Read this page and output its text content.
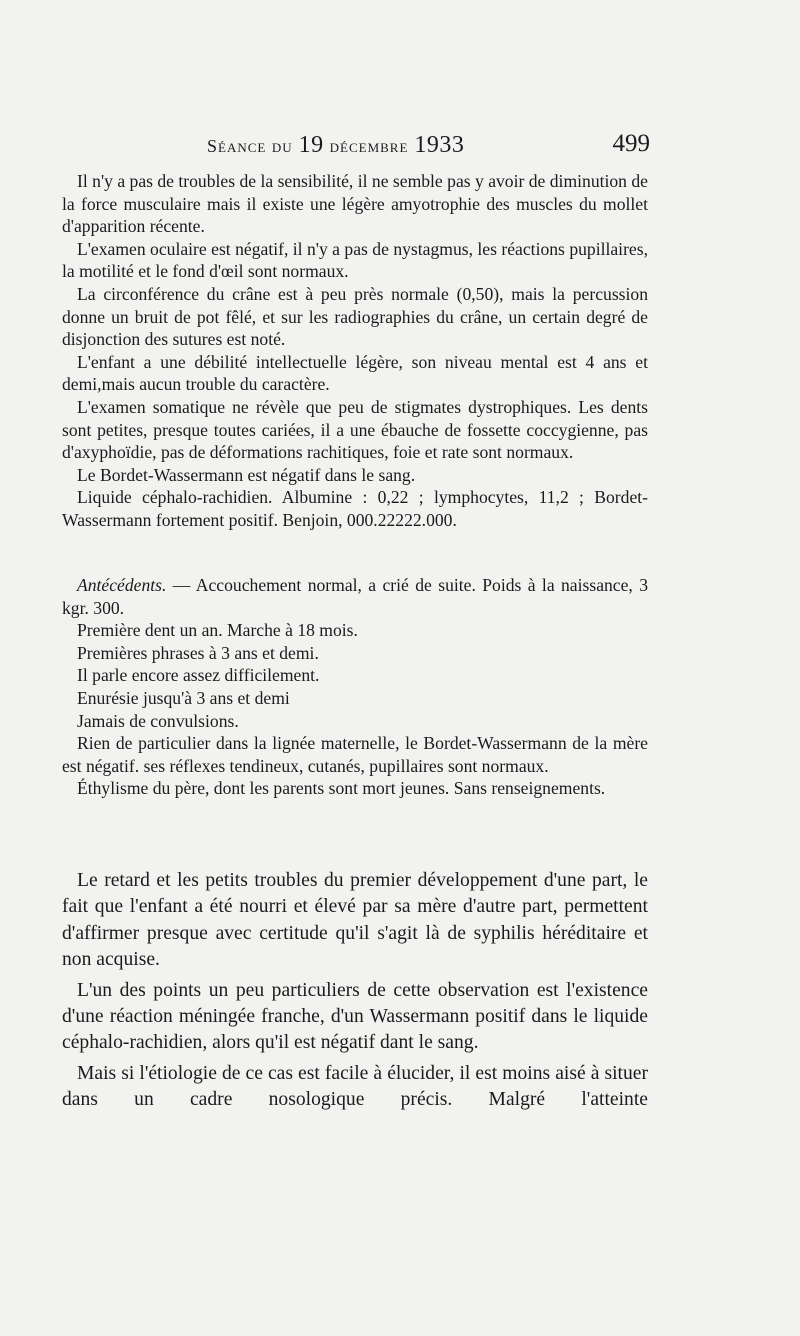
Séance du 19 décembre 1933	499

Il n'y a pas de troubles de la sensibilité, il ne semble pas y avoir de diminution de la force musculaire mais il existe une légère amyotrophie des muscles du mollet d'apparition récente.

L'examen oculaire est négatif, il n'y a pas de nystagmus, les réactions pupillaires, la motilité et le fond d'œil sont normaux.

La circonférence du crâne est à peu près normale (0,50), mais la percussion donne un bruit de pot fêlé, et sur les radiographies du crâne, un certain degré de disjonction des sutures est noté.

L'enfant a une débilité intellectuelle légère, son niveau mental est 4 ans et demi,mais aucun trouble du caractère.

L'examen somatique ne révèle que peu de stigmates dystrophiques. Les dents sont petites, presque toutes cariées, il a une ébauche de fossette coccygienne, pas d'axyphoïdie, pas de déformations rachitiques, foie et rate sont normaux.

Le Bordet-Wassermann est négatif dans le sang.

Liquide céphalo-rachidien. Albumine : 0,22 ; lymphocytes, 11,2 ; Bordet-Wassermann fortement positif. Benjoin, 000.22222.000.

Antécédents. — Accouchement normal, a crié de suite. Poids à la naissance, 3 kgr. 300.

Première dent un an. Marche à 18 mois.

Premières phrases à 3 ans et demi.

Il parle encore assez difficilement.

Enurésie jusqu'à 3 ans et demi

Jamais de convulsions.

Rien de particulier dans la lignée maternelle, le Bordet-Wassermann de la mère est négatif. ses réflexes tendineux, cutanés, pupillaires sont normaux.

Éthylisme du père, dont les parents sont mort jeunes. Sans renseignements.

Le retard et les petits troubles du premier développement d'une part, le fait que l'enfant a été nourri et élevé par sa mère d'autre part, permettent d'affirmer presque avec certitude qu'il s'agit là de syphilis héréditaire et non acquise.

L'un des points un peu particuliers de cette observation est l'existence d'une réaction méningée franche, d'un Wassermann positif dans le liquide céphalo-rachidien, alors qu'il est négatif dant le sang.

Mais si l'étiologie de ce cas est facile à élucider, il est moins aisé à situer dans un cadre nosologique précis. Malgré l'atteinte
